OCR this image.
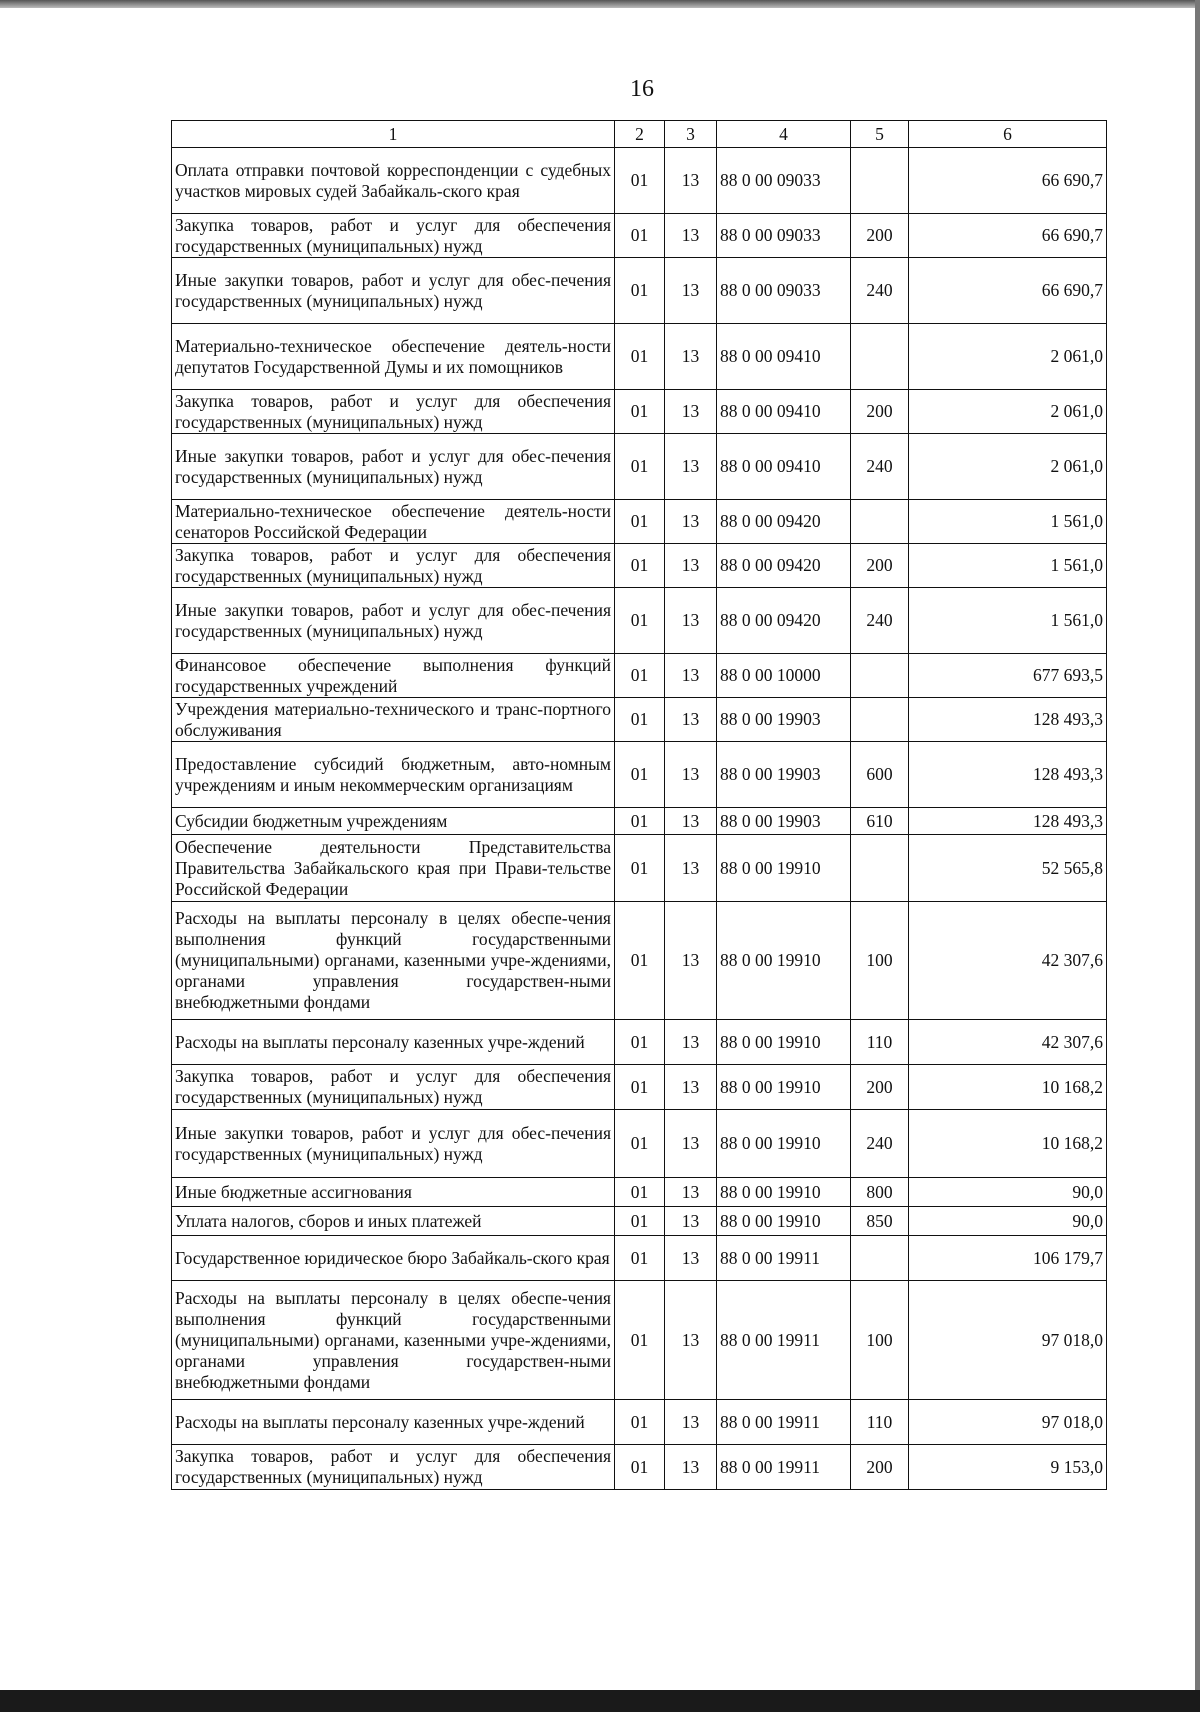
16
1	2	3	4	5	6
Оплата отправки почтовой корреспонденции с судебных участков мировых судей Забайкаль-ского края	01	13	88 0 00 09033		66 690,7
Закупка товаров, работ и услуг для обеспечения государственных (муниципальных) нужд	01	13	88 0 00 09033	200	66 690,7
Иные закупки товаров, работ и услуг для обес-печения государственных (муниципальных) нужд	01	13	88 0 00 09033	240	66 690,7
Материально-техническое обеспечение деятель-ности депутатов Государственной Думы и их помощников	01	13	88 0 00 09410		2 061,0
Закупка товаров, работ и услуг для обеспечения государственных (муниципальных) нужд	01	13	88 0 00 09410	200	2 061,0
Иные закупки товаров, работ и услуг для обес-печения государственных (муниципальных) нужд	01	13	88 0 00 09410	240	2 061,0
Материально-техническое обеспечение деятель-ности сенаторов Российской Федерации	01	13	88 0 00 09420		1 561,0
Закупка товаров, работ и услуг для обеспечения государственных (муниципальных) нужд	01	13	88 0 00 09420	200	1 561,0
Иные закупки товаров, работ и услуг для обес-печения государственных (муниципальных) нужд	01	13	88 0 00 09420	240	1 561,0
Финансовое обеспечение выполнения функций государственных учреждений	01	13	88 0 00 10000		677 693,5
Учреждения материально-технического и транс-портного обслуживания	01	13	88 0 00 19903		128 493,3
Предоставление субсидий бюджетным, авто-номным учреждениям и иным некоммерческим организациям	01	13	88 0 00 19903	600	128 493,3
Субсидии бюджетным учреждениям	01	13	88 0 00 19903	610	128 493,3
Обеспечение деятельности Представительства Правительства Забайкальского края при Прави-тельстве Российской Федерации	01	13	88 0 00 19910		52 565,8
Расходы на выплаты персоналу в целях обеспе-чения выполнения функций государственными (муниципальными) органами, казенными учре-ждениями, органами управления государствен-ными внебюджетными фондами	01	13	88 0 00 19910	100	42 307,6
Расходы на выплаты персоналу казенных учре-ждений	01	13	88 0 00 19910	110	42 307,6
Закупка товаров, работ и услуг для обеспечения государственных (муниципальных) нужд	01	13	88 0 00 19910	200	10 168,2
Иные закупки товаров, работ и услуг для обес-печения государственных (муниципальных) нужд	01	13	88 0 00 19910	240	10 168,2
Иные бюджетные ассигнования	01	13	88 0 00 19910	800	90,0
Уплата налогов, сборов и иных платежей	01	13	88 0 00 19910	850	90,0
Государственное юридическое бюро Забайкаль-ского края	01	13	88 0 00 19911		106 179,7
Расходы на выплаты персоналу в целях обеспе-чения выполнения функций государственными (муниципальными) органами, казенными учре-ждениями, органами управления государствен-ными внебюджетными фондами	01	13	88 0 00 19911	100	97 018,0
Расходы на выплаты персоналу казенных учре-ждений	01	13	88 0 00 19911	110	97 018,0
Закупка товаров, работ и услуг для обеспечения государственных (муниципальных) нужд	01	13	88 0 00 19911	200	9 153,0
